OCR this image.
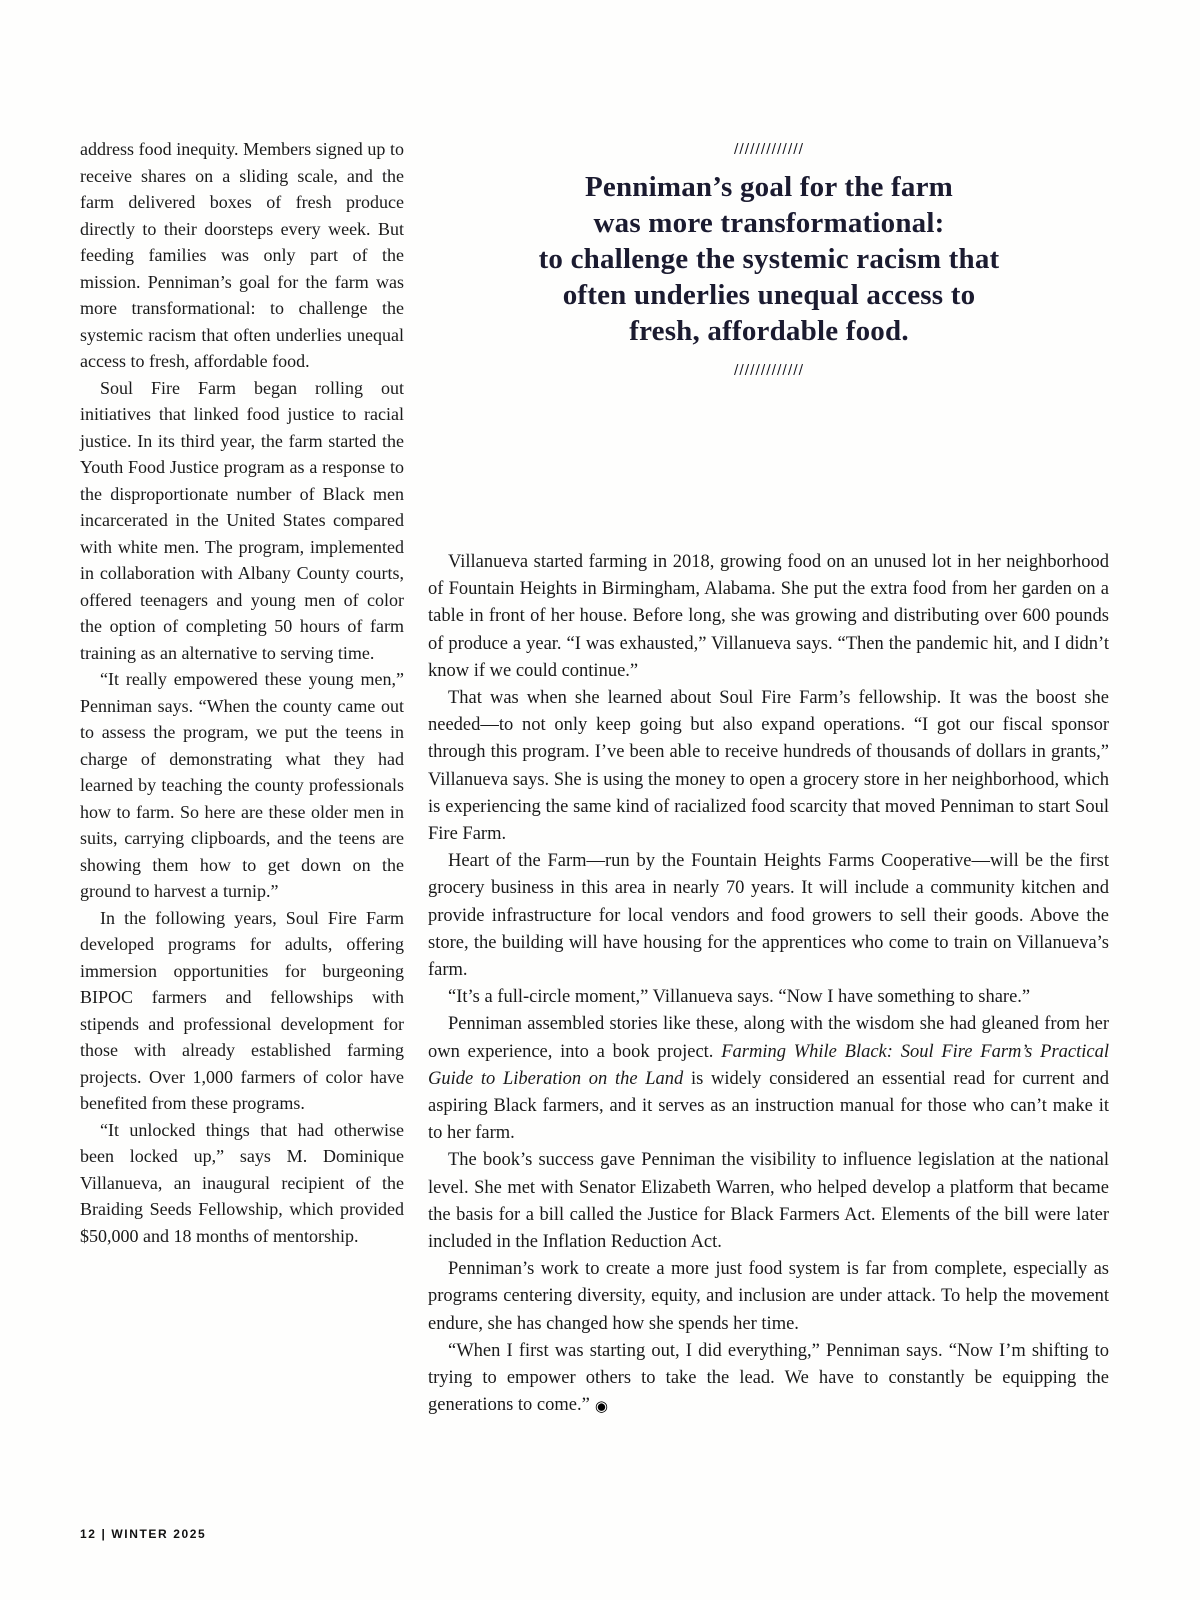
address food inequity. Members signed up to receive shares on a sliding scale, and the farm delivered boxes of fresh produce directly to their doorsteps every week. But feeding families was only part of the mission. Penniman’s goal for the farm was more transformational: to challenge the systemic racism that often underlies unequal access to fresh, affordable food.

Soul Fire Farm began rolling out initiatives that linked food justice to racial justice. In its third year, the farm started the Youth Food Justice program as a response to the disproportionate number of Black men incarcerated in the United States compared with white men. The program, implemented in collaboration with Albany County courts, offered teenagers and young men of color the option of completing 50 hours of farm training as an alternative to serving time.

“It really empowered these young men,” Penniman says. “When the county came out to assess the program, we put the teens in charge of demonstrating what they had learned by teaching the county professionals how to farm. So here are these older men in suits, carrying clipboards, and the teens are showing them how to get down on the ground to harvest a turnip.”

In the following years, Soul Fire Farm developed programs for adults, offering immersion opportunities for burgeoning BIPOC farmers and fellowships with stipends and professional development for those with already established farming projects. Over 1,000 farmers of color have benefited from these programs.

“It unlocked things that had otherwise been locked up,” says M. Dominique Villanueva, an inaugural recipient of the Braiding Seeds Fellowship, which provided $50,000 and 18 months of mentorship.

/////////////
Penniman’s goal for the farm
was more transformational:
to challenge the systemic racism that
often underlies unequal access to
fresh, affordable food.
/////////////

Villanueva started farming in 2018, growing food on an unused lot in her neighborhood of Fountain Heights in Birmingham, Alabama. She put the extra food from her garden on a table in front of her house. Before long, she was growing and distributing over 600 pounds of produce a year. “I was exhausted,” Villanueva says. “Then the pandemic hit, and I didn’t know if we could continue.”

That was when she learned about Soul Fire Farm’s fellowship. It was the boost she needed—to not only keep going but also expand operations. “I got our fiscal sponsor through this program. I’ve been able to receive hundreds of thousands of dollars in grants,” Villanueva says. She is using the money to open a grocery store in her neighborhood, which is experiencing the same kind of racialized food scarcity that moved Penniman to start Soul Fire Farm.

Heart of the Farm—run by the Fountain Heights Farms Cooperative—will be the first grocery business in this area in nearly 70 years. It will include a community kitchen and provide infrastructure for local vendors and food growers to sell their goods. Above the store, the building will have housing for the apprentices who come to train on Villanueva’s farm.

“It’s a full-circle moment,” Villanueva says. “Now I have something to share.”

Penniman assembled stories like these, along with the wisdom she had gleaned from her own experience, into a book project. Farming While Black: Soul Fire Farm’s Practical Guide to Liberation on the Land is widely considered an essential read for current and aspiring Black farmers, and it serves as an instruction manual for those who can’t make it to her farm.

The book’s success gave Penniman the visibility to influence legislation at the national level. She met with Senator Elizabeth Warren, who helped develop a platform that became the basis for a bill called the Justice for Black Farmers Act. Elements of the bill were later included in the Inflation Reduction Act.

Penniman’s work to create a more just food system is far from complete, especially as programs centering diversity, equity, and inclusion are under attack. To help the movement endure, she has changed how she spends her time.

“When I first was starting out, I did everything,” Penniman says. “Now I’m shifting to trying to empower others to take the lead. We have to constantly be equipping the generations to come.” ◉

12 | WINTER 2025
